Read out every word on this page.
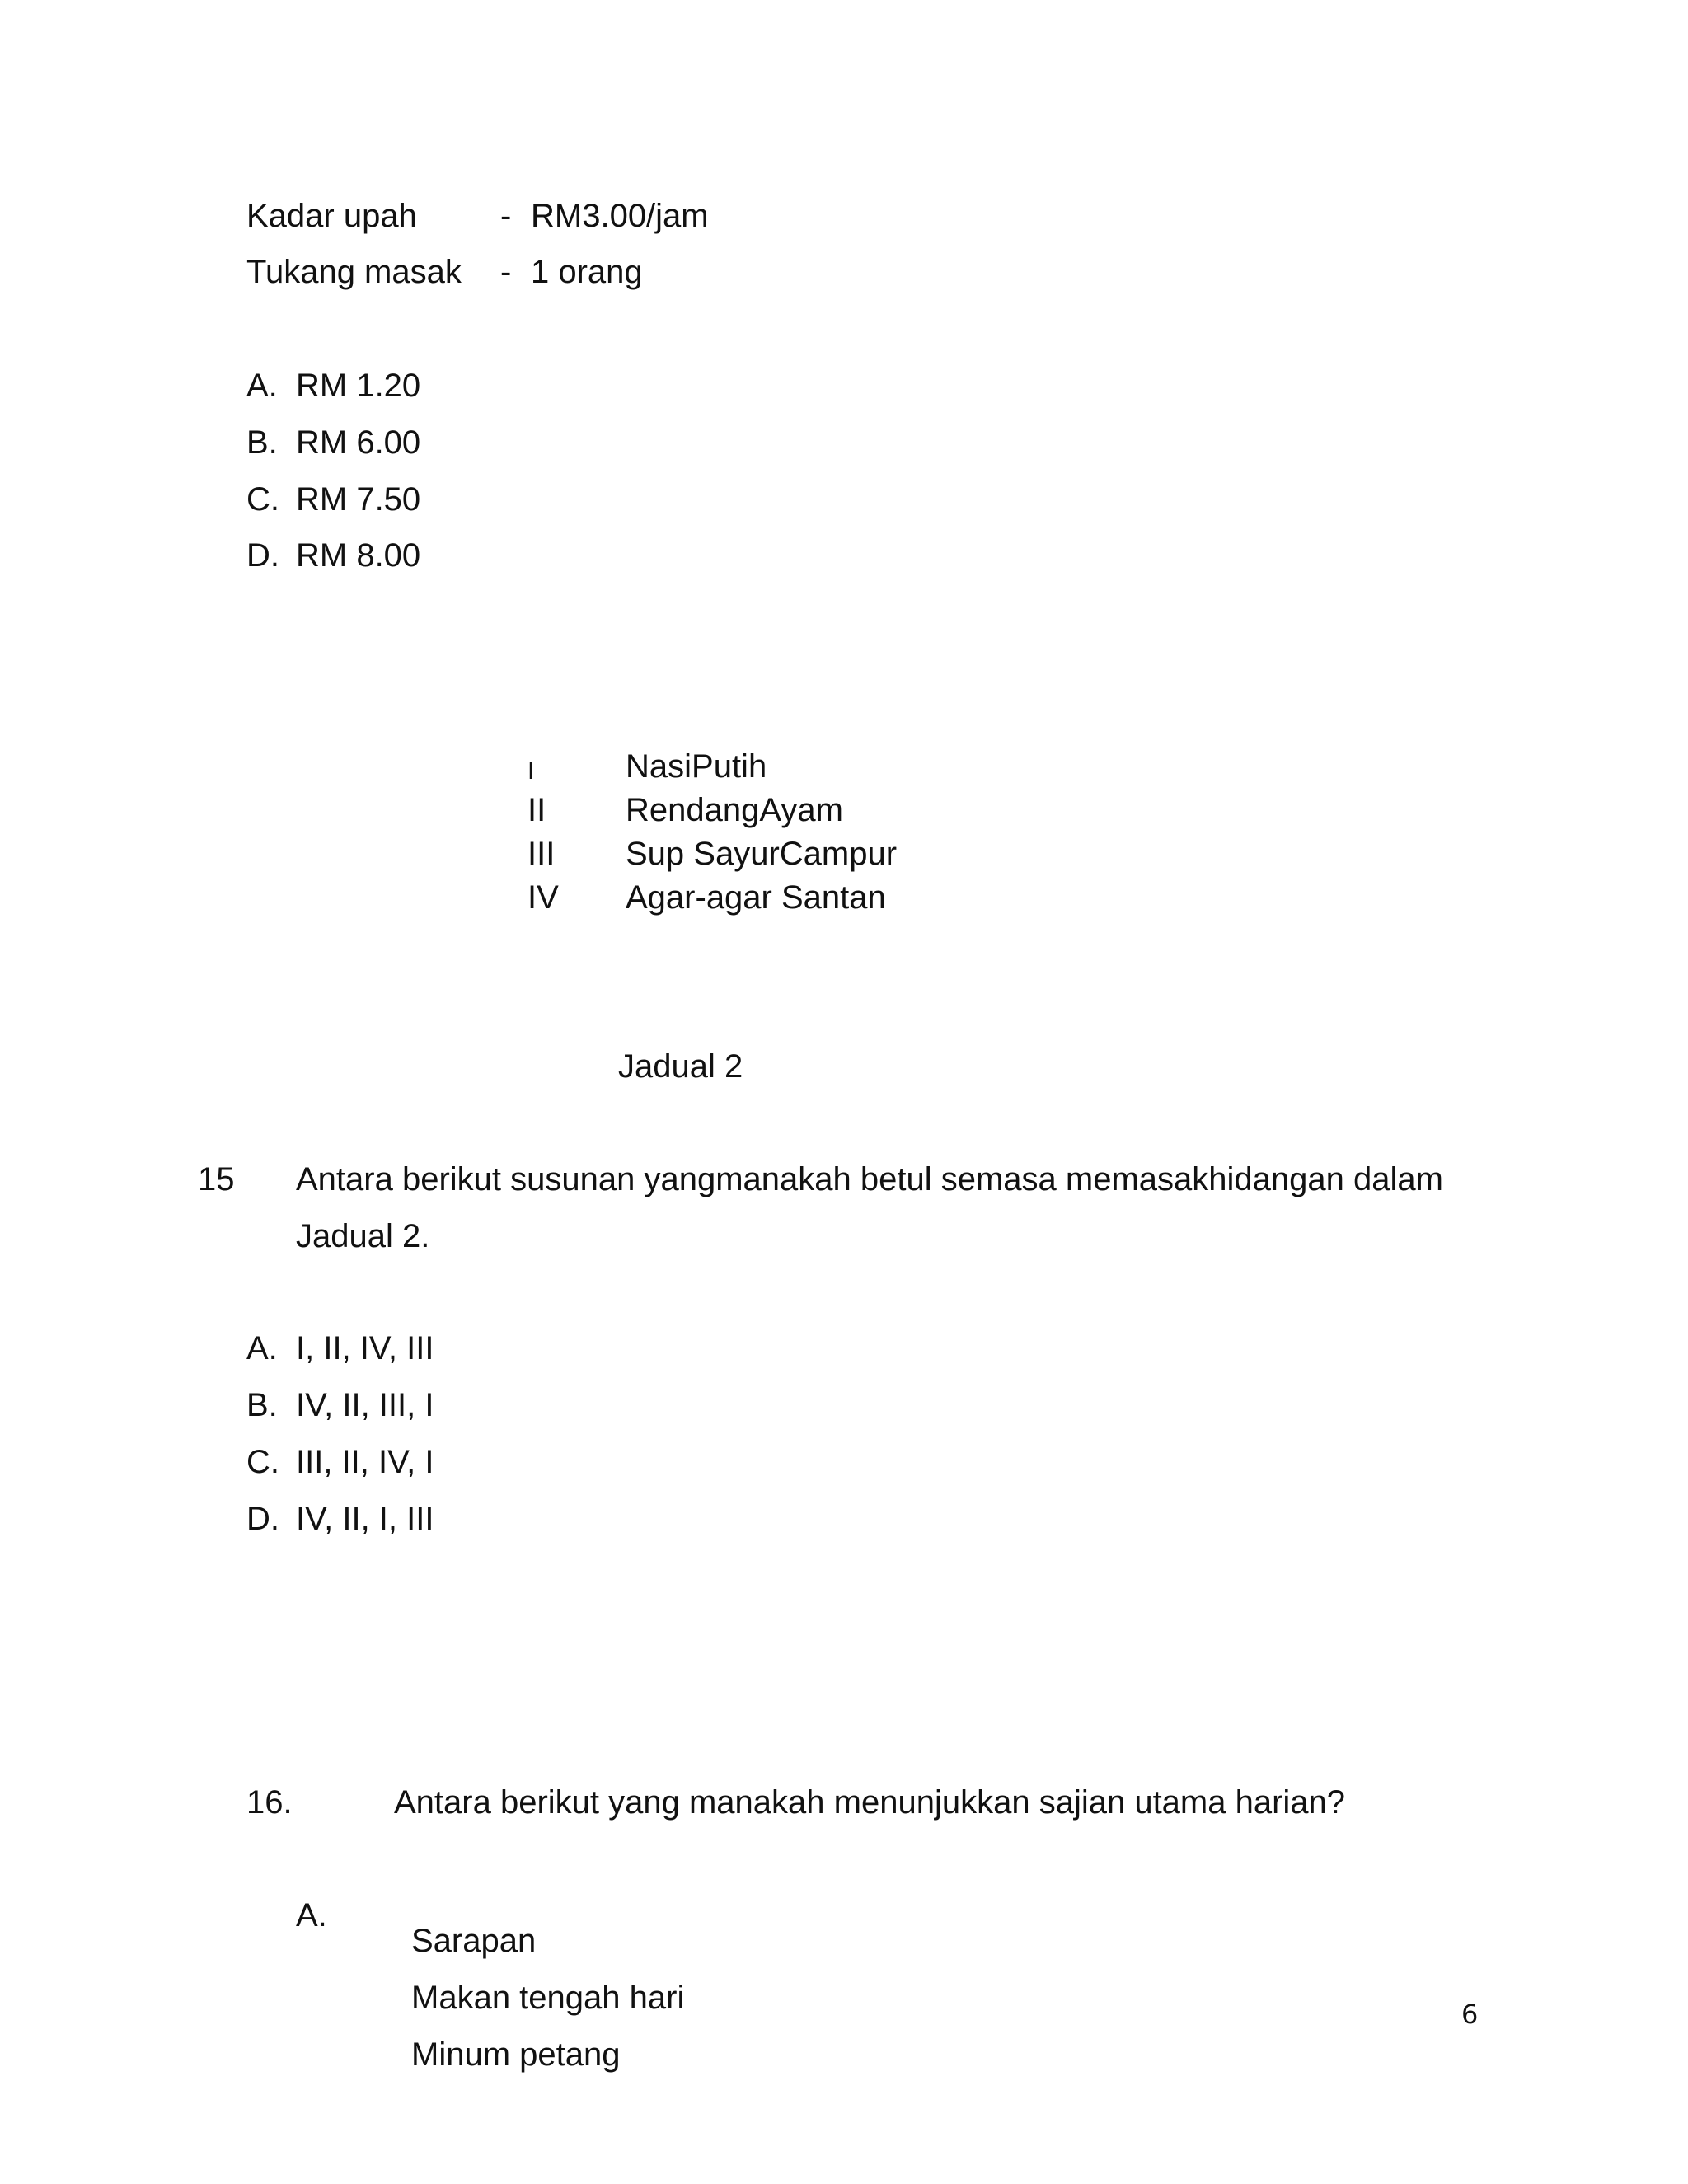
Kadar upah	- RM3.00/jam
Tukang masak - 1 orang
A. RM 1.20
B. RM 6.00
C. RM 7.50
D. RM 8.00
I	NasiPutih
II RendangAyam
III Sup SayurCampur
IV Agar-agar Santan
Jadual 2
15 Antara berikut susunan yangmanakah betul semasa memasakhidangan dalam
Jadual 2.
A. I, II, IV, III
B. IV, II, III, I
C. III, II, IV, I
D. IV, II, I, III
16.	Antara berikut yang manakah menunjukkan sajian utama harian?
A.
Sarapan
Makan tengah hari
Minum petang
6
